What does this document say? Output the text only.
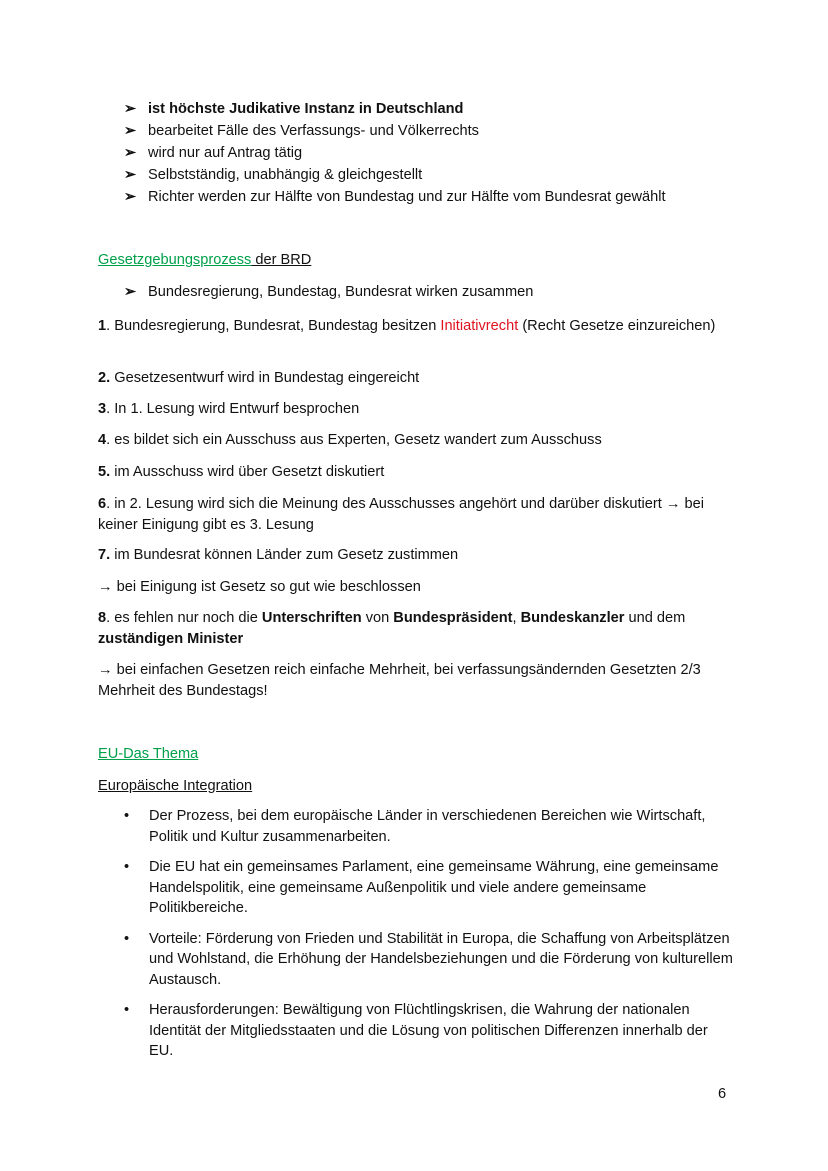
➢ ist höchste Judikative Instanz in Deutschland
➢ bearbeitet Fälle des Verfassungs- und Völkerrechts
➢ wird nur auf Antrag tätig
➢ Selbstständig, unabhängig & gleichgestellt
➢ Richter werden zur Hälfte von Bundestag und zur Hälfte vom Bundesrat gewählt
Gesetzgebungsprozess der BRD
➢ Bundesregierung, Bundestag, Bundesrat wirken zusammen
1. Bundesregierung, Bundesrat, Bundestag besitzen Initiativrecht (Recht Gesetze einzureichen)
2. Gesetzesentwurf wird in Bundestag eingereicht
3. In 1. Lesung wird Entwurf besprochen
4. es bildet sich ein Ausschuss aus Experten, Gesetz wandert zum Ausschuss
5. im Ausschuss wird über Gesetzt diskutiert
6. in 2. Lesung wird sich die Meinung des Ausschusses angehört und darüber diskutiert → bei keiner Einigung gibt es 3. Lesung
7. im Bundesrat können Länder zum Gesetz zustimmen
→ bei Einigung ist Gesetz so gut wie beschlossen
8. es fehlen nur noch die Unterschriften von Bundespräsident, Bundeskanzler und dem zuständigen Minister
→ bei einfachen Gesetzen reich einfache Mehrheit, bei verfassungsändernden Gesetzten 2/3 Mehrheit des Bundestags!
EU-Das Thema
Europäische Integration
• Der Prozess, bei dem europäische Länder in verschiedenen Bereichen wie Wirtschaft, Politik und Kultur zusammenarbeiten.
• Die EU hat ein gemeinsames Parlament, eine gemeinsame Währung, eine gemeinsame Handelspolitik, eine gemeinsame Außenpolitik und viele andere gemeinsame Politikbereiche.
• Vorteile: Förderung von Frieden und Stabilität in Europa, die Schaffung von Arbeitsplätzen und Wohlstand, die Erhöhung der Handelsbeziehungen und die Förderung von kulturellem Austausch.
• Herausforderungen: Bewältigung von Flüchtlingskrisen, die Wahrung der nationalen Identität der Mitgliedsstaaten und die Lösung von politischen Differenzen innerhalb der EU.
6
